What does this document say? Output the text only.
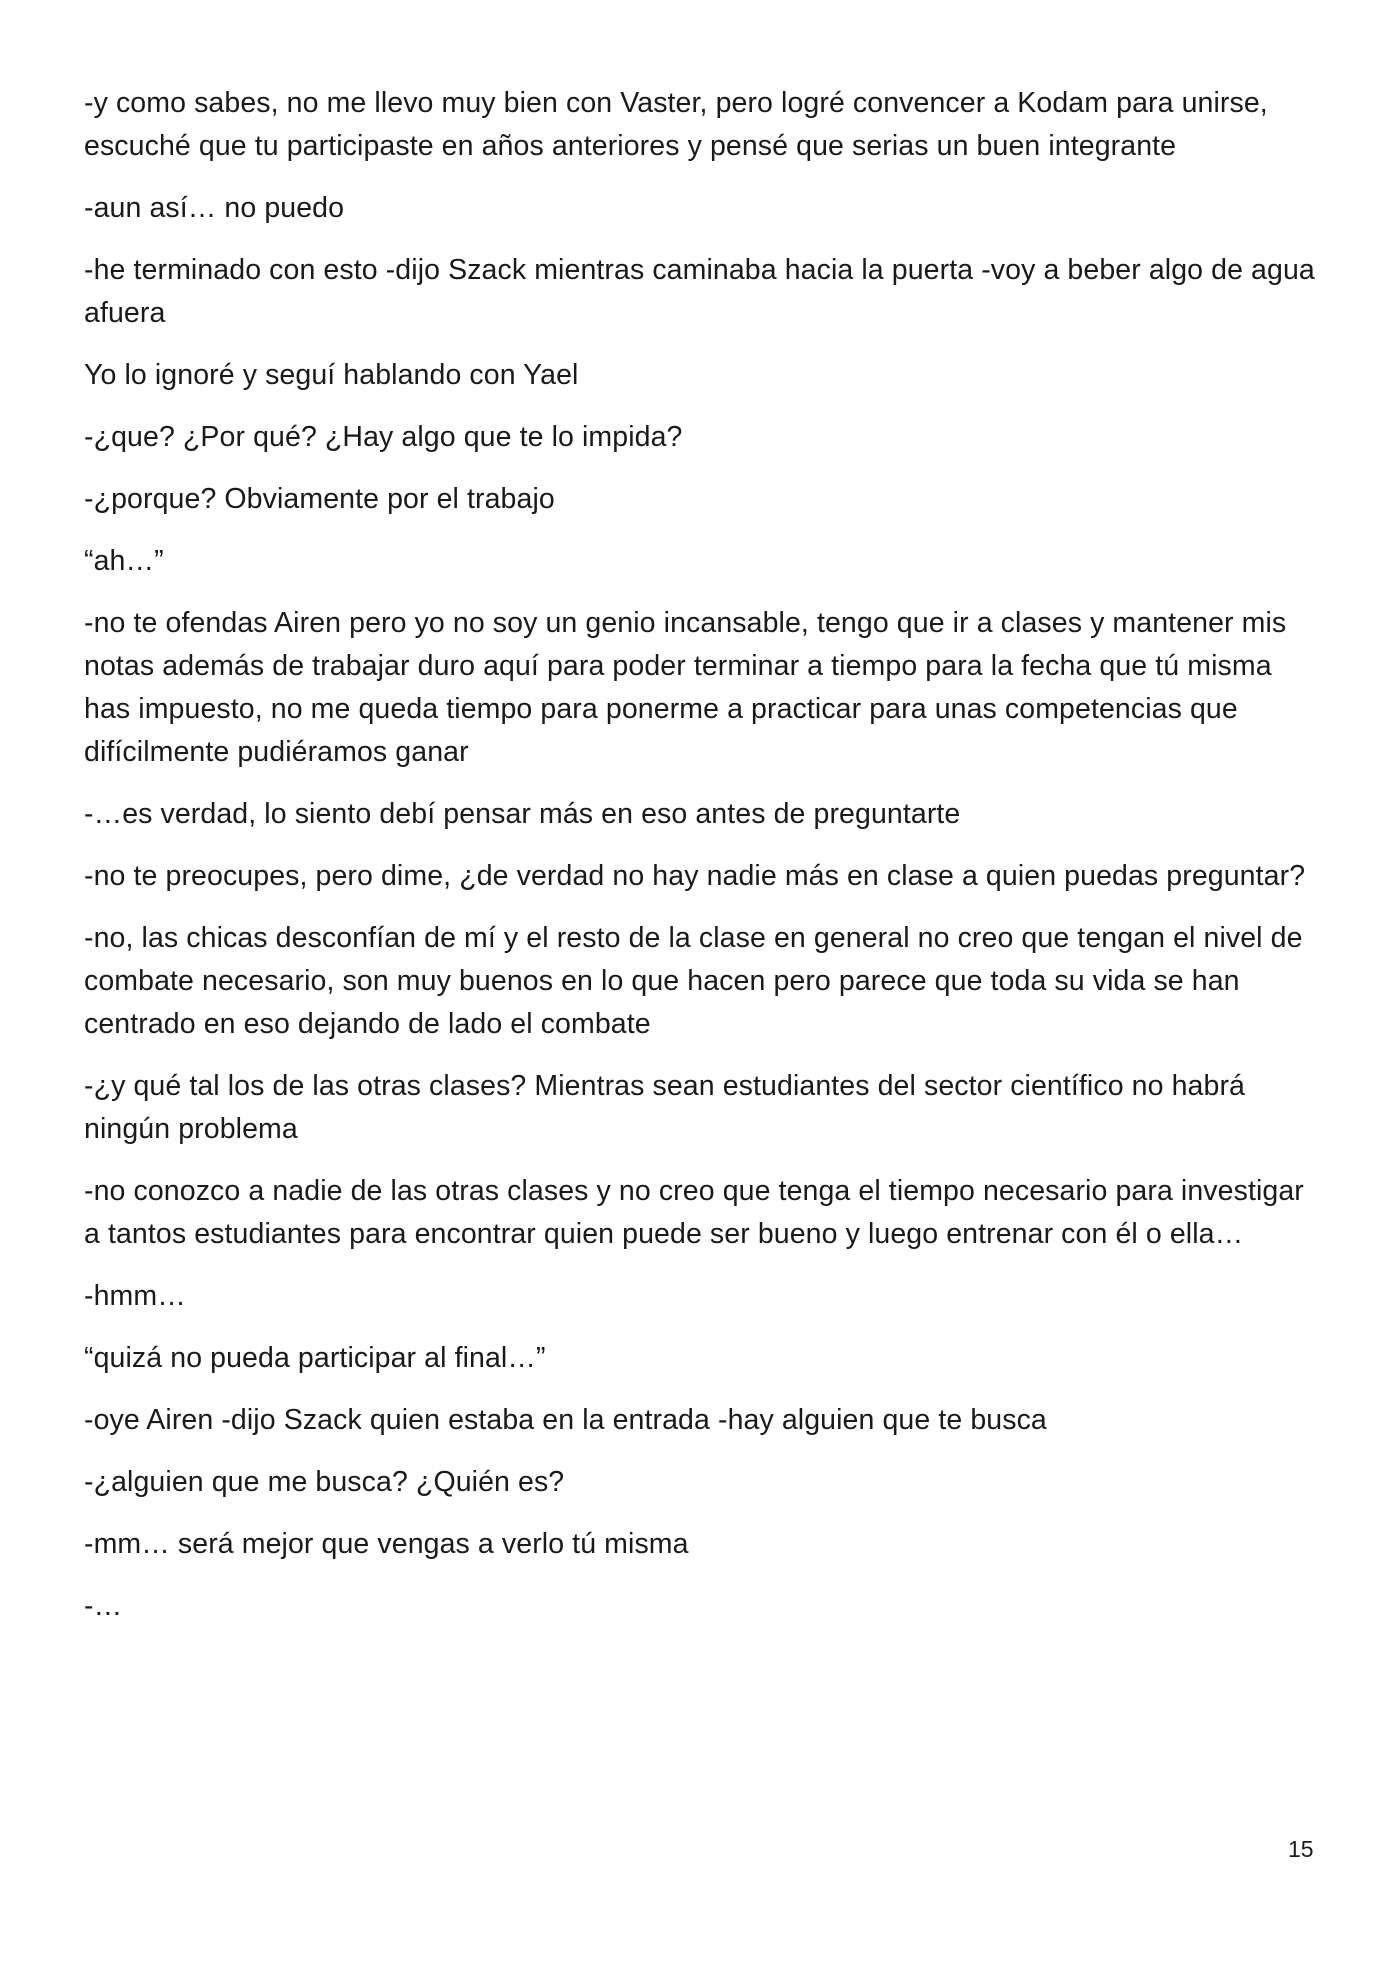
-y como sabes, no me llevo muy bien con Vaster, pero logré convencer a Kodam para unirse, escuché que tu participaste en años anteriores y pensé que serias un buen integrante

-aun así… no puedo

-he terminado con esto -dijo Szack mientras caminaba hacia la puerta -voy a beber algo de agua afuera

Yo lo ignoré y seguí hablando con Yael

-¿que? ¿Por qué? ¿Hay algo que te lo impida?

-¿porque? Obviamente por el trabajo

“ah…”

-no te ofendas Airen pero yo no soy un genio incansable, tengo que ir a clases y mantener mis notas además de trabajar duro aquí para poder terminar a tiempo para la fecha que tú misma has impuesto, no me queda tiempo para ponerme a practicar para unas competencias que difícilmente pudiéramos ganar

-…es verdad, lo siento debí pensar más en eso antes de preguntarte

-no te preocupes, pero dime, ¿de verdad no hay nadie más en clase a quien puedas preguntar?

-no, las chicas desconfían de mí y el resto de la clase en general no creo que tengan el nivel de combate necesario, son muy buenos en lo que hacen pero parece que toda su vida se han centrado en eso dejando de lado el combate

-¿y qué tal los de las otras clases? Mientras sean estudiantes del sector científico no habrá ningún problema

-no conozco a nadie de las otras clases y no creo que tenga el tiempo necesario para investigar a tantos estudiantes para encontrar quien puede ser bueno y luego entrenar con él o ella…

-hmm…

“quizá no pueda participar al final…”

-oye Airen -dijo Szack quien estaba en la entrada -hay alguien que te busca

-¿alguien que me busca? ¿Quién es?

-mm… será mejor que vengas a verlo tú misma

-…

15
